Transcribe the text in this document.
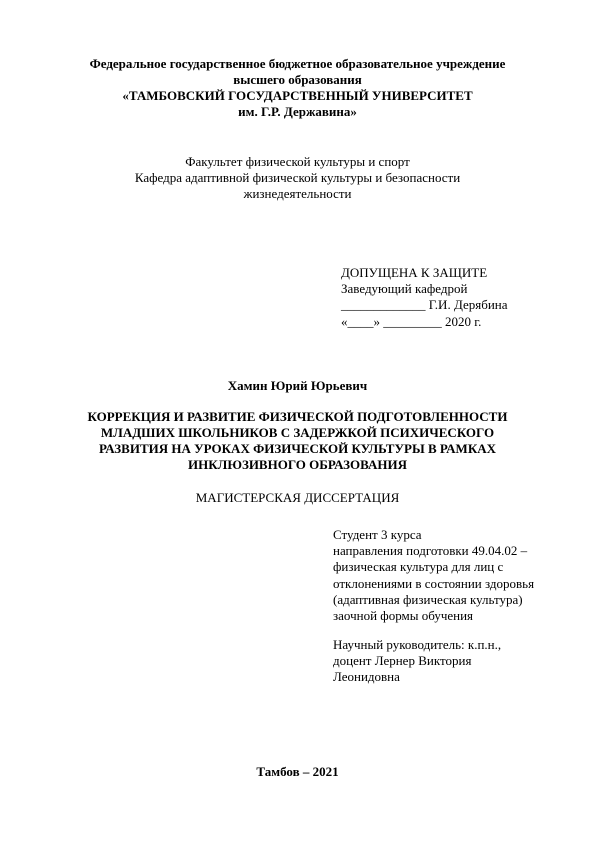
Федеральное государственное бюджетное образовательное учреждение
высшего образования
«ТАМБОВСКИЙ ГОСУДАРСТВЕННЫЙ УНИВЕРСИТЕТ
им. Г.Р. Державина»
Факультет физической культуры и спорт
Кафедра адаптивной физической культуры и безопасности
жизнедеятельности
ДОПУЩЕНА К ЗАЩИТЕ
Заведующий кафедрой
_____________ Г.И. Дерябина
«____» _________ 2020 г.
Хамин Юрий Юрьевич
КОРРЕКЦИЯ И РАЗВИТИЕ ФИЗИЧЕСКОЙ ПОДГОТОВЛЕННОСТИ
МЛАДШИХ ШКОЛЬНИКОВ С ЗАДЕРЖКОЙ ПСИХИЧЕСКОГО
РАЗВИТИЯ НА УРОКАХ ФИЗИЧЕСКОЙ КУЛЬТУРЫ В РАМКАХ
ИНКЛЮЗИВНОГО ОБРАЗОВАНИЯ
МАГИСТЕРСКАЯ ДИССЕРТАЦИЯ
Студент 3 курса
направления подготовки 49.04.02 –
физическая культура для лиц с
отклонениями в состоянии здоровья
(адаптивная физическая культура)
заочной формы обучения
Научный руководитель: к.п.н.,
доцент Лернер Виктория
Леонидовна
Тамбов – 2021
